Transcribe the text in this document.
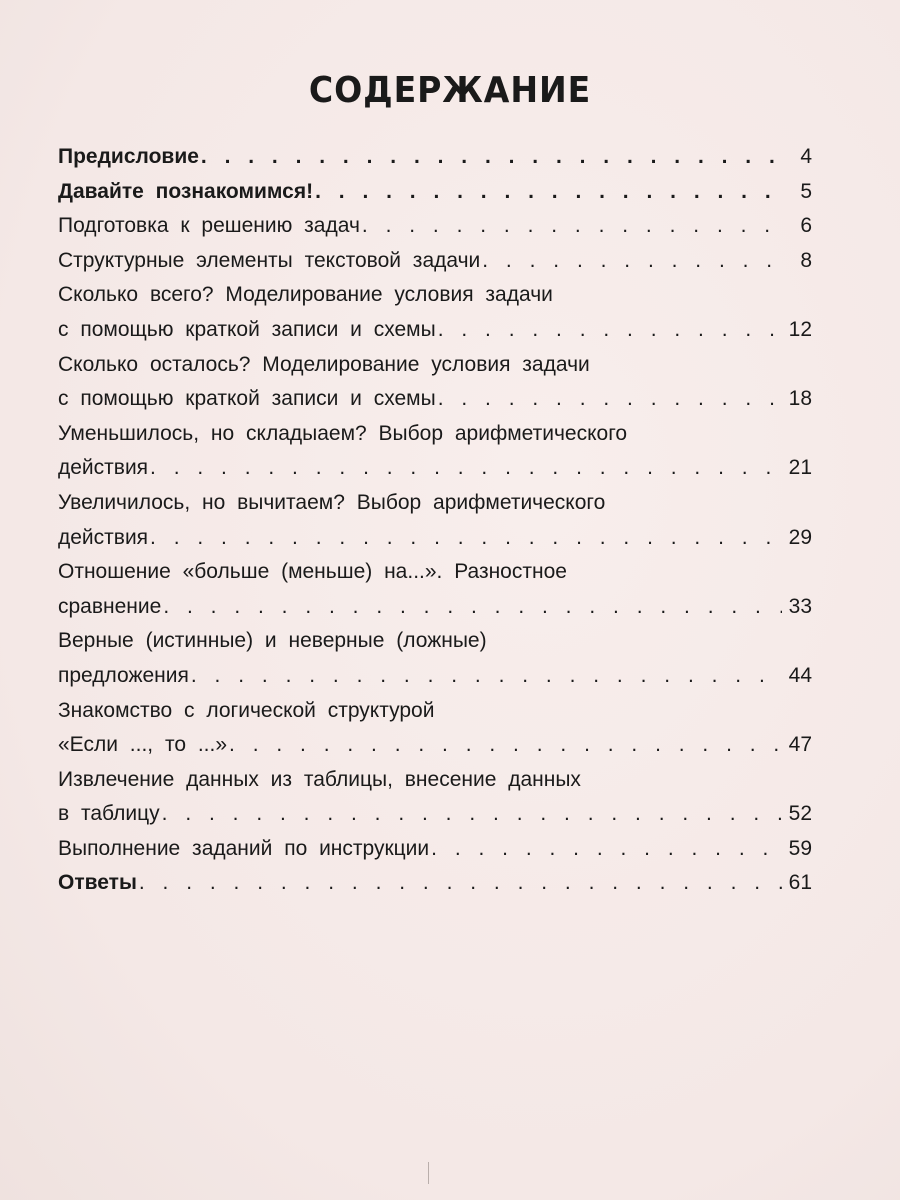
СОДЕРЖАНИЕ
Предисловие . . .	4
Давайте познакомимся! . . .	5
Подготовка к решению задач . . .	6
Структурные элементы текстовой задачи . . .	8
Сколько всего? Моделирование условия задачи
с помощью краткой записи и схемы . . .	12
Сколько осталось? Моделирование условия задачи
с помощью краткой записи и схемы . . .	18
Уменьшилось, но складыаем? Выбор арифметического
действия . . .	21
Увеличилось, но вычитаем? Выбор арифметического
действия . . .	29
Отношение «больше (меньше) на...». Разностное
сравнение . . .	33
Верные (истинные) и неверные (ложные)
предложения . . .	44
Знакомство с логической структурой
«Если ..., то ...» . . .	47
Извлечение данных из таблицы, внесение данных
в таблицу . . .	52
Выполнение заданий по инструкции . . .	59
Ответы . . .	61
